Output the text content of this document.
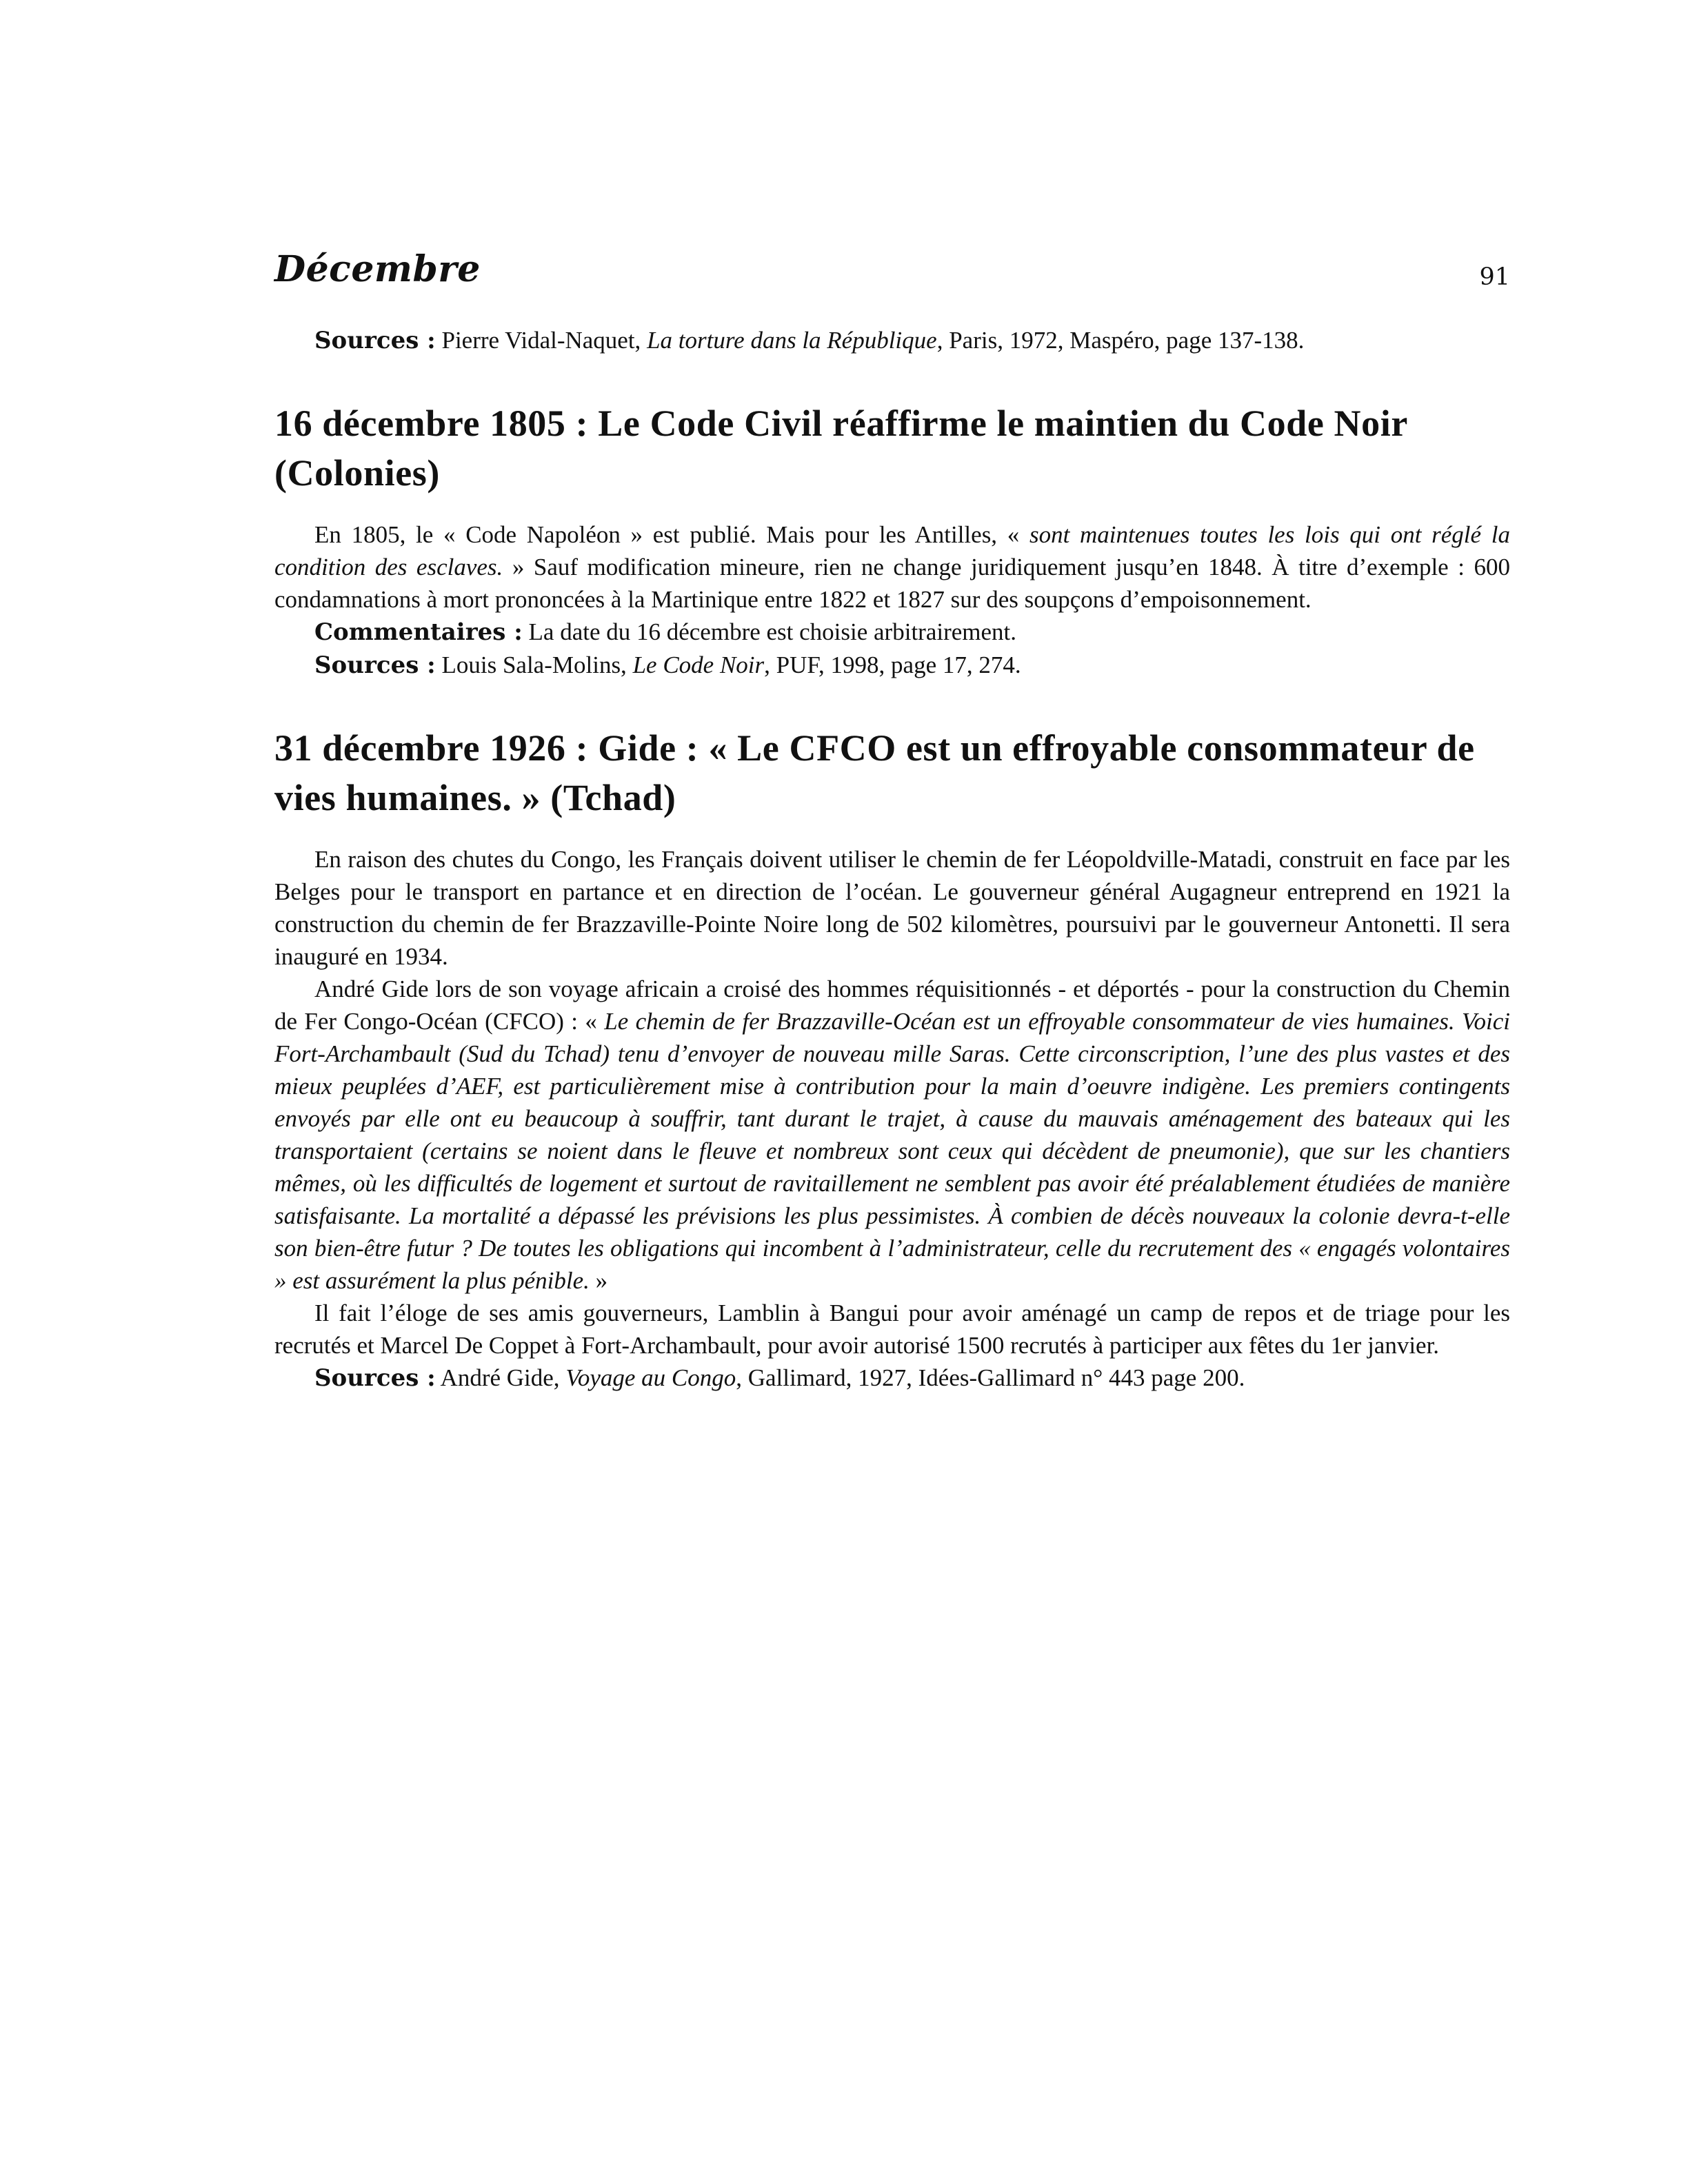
Décembre	91

Sources : Pierre Vidal-Naquet, La torture dans la République, Paris, 1972, Maspéro, page 137-138.

16 décembre 1805 : Le Code Civil réaffirme le maintien du Code Noir (Colonies)

En 1805, le « Code Napoléon » est publié. Mais pour les Antilles, « sont maintenues toutes les lois qui ont réglé la condition des esclaves. » Sauf modification mineure, rien ne change juridiquement jusqu’en 1848. À titre d’exemple : 600 condamnations à mort prononcées à la Martinique entre 1822 et 1827 sur des soupçons d’empoisonnement.

Commentaires : La date du 16 décembre est choisie arbitrairement.

Sources : Louis Sala-Molins, Le Code Noir, PUF, 1998, page 17, 274.

31 décembre 1926 : Gide : « Le CFCO est un effroyable consommateur de vies humaines. » (Tchad)

En raison des chutes du Congo, les Français doivent utiliser le chemin de fer Léopoldville-Matadi, construit en face par les Belges pour le transport en partance et en direction de l’océan. Le gouverneur général Augagneur entreprend en 1921 la construction du chemin de fer Brazzaville-Pointe Noire long de 502 kilomètres, poursuivi par le gouverneur Antonetti. Il sera inauguré en 1934.

André Gide lors de son voyage africain a croisé des hommes réquisitionnés - et déportés - pour la construction du Chemin de Fer Congo-Océan (CFCO) : « Le chemin de fer Brazzaville-Océan est un effroyable consommateur de vies humaines. Voici Fort-Archambault (Sud du Tchad) tenu d’envoyer de nouveau mille Saras. Cette circonscription, l’une des plus vastes et des mieux peuplées d’AEF, est particulièrement mise à contribution pour la main d’oeuvre indigène. Les premiers contingents envoyés par elle ont eu beaucoup à souffrir, tant durant le trajet, à cause du mauvais aménagement des bateaux qui les transportaient (certains se noient dans le fleuve et nombreux sont ceux qui décèdent de pneumonie), que sur les chantiers mêmes, où les difficultés de logement et surtout de ravitaillement ne semblent pas avoir été préalablement étudiées de manière satisfaisante. La mortalité a dépassé les prévisions les plus pessimistes. À combien de décès nouveaux la colonie devra-t-elle son bien-être futur ? De toutes les obligations qui incombent à l’administrateur, celle du recrutement des « engagés volontaires » est assurément la plus pénible. »

Il fait l’éloge de ses amis gouverneurs, Lamblin à Bangui pour avoir aménagé un camp de repos et de triage pour les recrutés et Marcel De Coppet à Fort-Archambault, pour avoir autorisé 1500 recrutés à participer aux fêtes du 1er janvier.

Sources : André Gide, Voyage au Congo, Gallimard, 1927, Idées-Gallimard n° 443 page 200.
